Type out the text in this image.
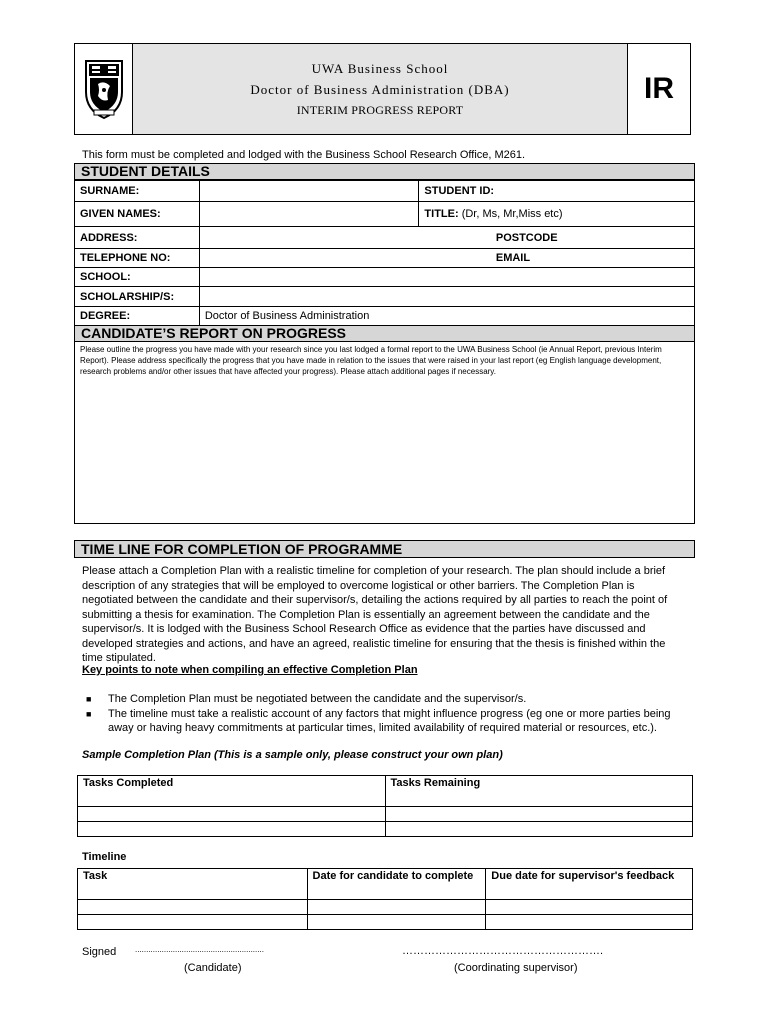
UWA Business School
Doctor of Business Administration (DBA)
INTERIM PROGRESS REPORT
IR
This form must be completed and lodged with the Business School Research Office, M261.
STUDENT DETAILS
SURNAME:		STUDENT ID:
GIVEN NAMES:		TITLE: (Dr, Ms, Mr,Miss etc)
ADDRESS:	POSTCODE	
TELEPHONE NO:	EMAIL	
SCHOOL:		
SCHOLARSHIP/S:		
DEGREE:	Doctor of Business Administration	
CANDIDATE’S REPORT ON PROGRESS
Please outline the progress you have made with your research since you last lodged a formal report to the UWA Business School (ie Annual Report, previous Interim Report). Please address specifically the progress that you have made in relation to the issues that were raised in your last report (eg English language development, research problems and/or other issues that have affected your progress). Please attach additional pages if necessary.
TIME LINE FOR COMPLETION OF PROGRAMME
Please attach a Completion Plan with a realistic timeline for completion of your research. The plan should include a brief description of any strategies that will be employed to overcome logistical or other barriers. The Completion Plan is negotiated between the candidate and their supervisor/s, detailing the actions required by all parties to reach the point of submitting a thesis for examination. The Completion Plan is essentially an agreement between the candidate and the supervisor/s. It is lodged with the Business School Research Office as evidence that the parties have discussed and developed strategies and actions, and have an agreed, realistic timeline for ensuring that the thesis is finished within the time stipulated.
Key points to note when compiling an effective Completion Plan
■ The Completion Plan must be negotiated between the candidate and the supervisor/s.
■ The timeline must take a realistic account of any factors that might influence progress (eg one or more parties being away or having heavy commitments at particular times, limited availability of required material or resources, etc.).
Sample Completion Plan (This is a sample only, please construct your own plan)
Tasks Completed	Tasks Remaining

Timeline
Task	Date for candidate to complete	Due date for supervisor's feedback

Signed ..........................................................	……………………………………………….
(Candidate)	(Coordinating supervisor)
